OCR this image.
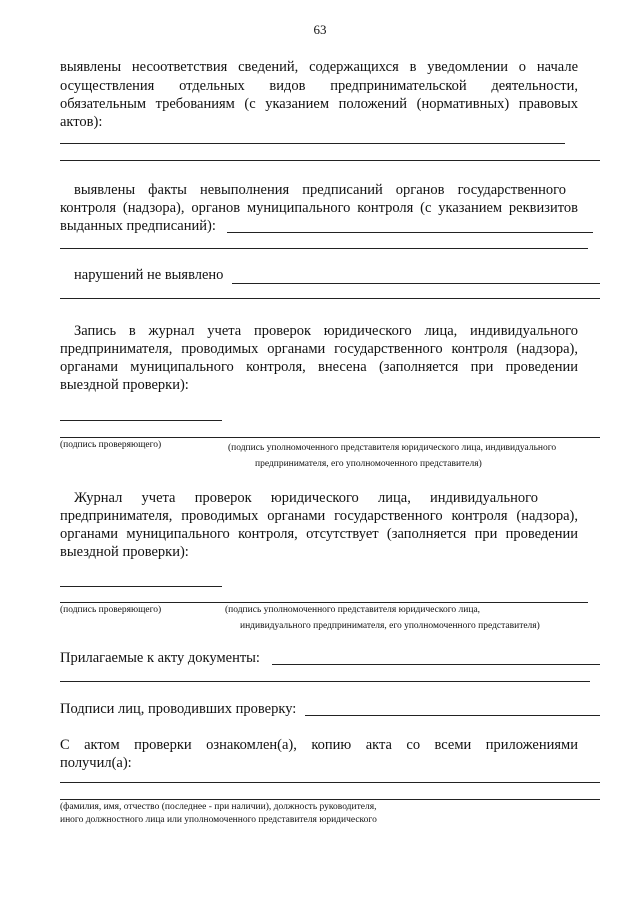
63
выявлены несоответствия сведений, содержащихся в уведомлении о начале
осуществления отдельных видов предпринимательской деятельности,
обязательным требованиям (с указанием положений (нормативных) правовых
актов):
выявлены факты невыполнения предписаний органов государственного
контроля (надзора), органов муниципального контроля (с указанием реквизитов
выданных предписаний):
нарушений не выявлено
Запись в журнал учета проверок юридического лица, индивидуального
предпринимателя, проводимых органами государственного контроля (надзора),
органами муниципального контроля, внесена (заполняется при проведении
выездной проверки):
(подпись проверяющего)	(подпись уполномоченного представителя юридического лица, индивидуального
предпринимателя, его уполномоченного представителя)
Журнал учета проверок юридического лица, индивидуального
предпринимателя, проводимых органами государственного контроля (надзора),
органами муниципального контроля, отсутствует (заполняется при проведении
выездной проверки):
(подпись проверяющего)	(подпись уполномоченного представителя юридического лица,
индивидуального предпринимателя, его уполномоченного представителя)
Прилагаемые к акту документы:
Подписи лиц, проводивших проверку:
С актом проверки ознакомлен(а), копию акта со всеми приложениями
получил(а):
(фамилия, имя, отчество (последнее - при наличии), должность руководителя,
иного должностного лица или уполномоченного представителя юридического
